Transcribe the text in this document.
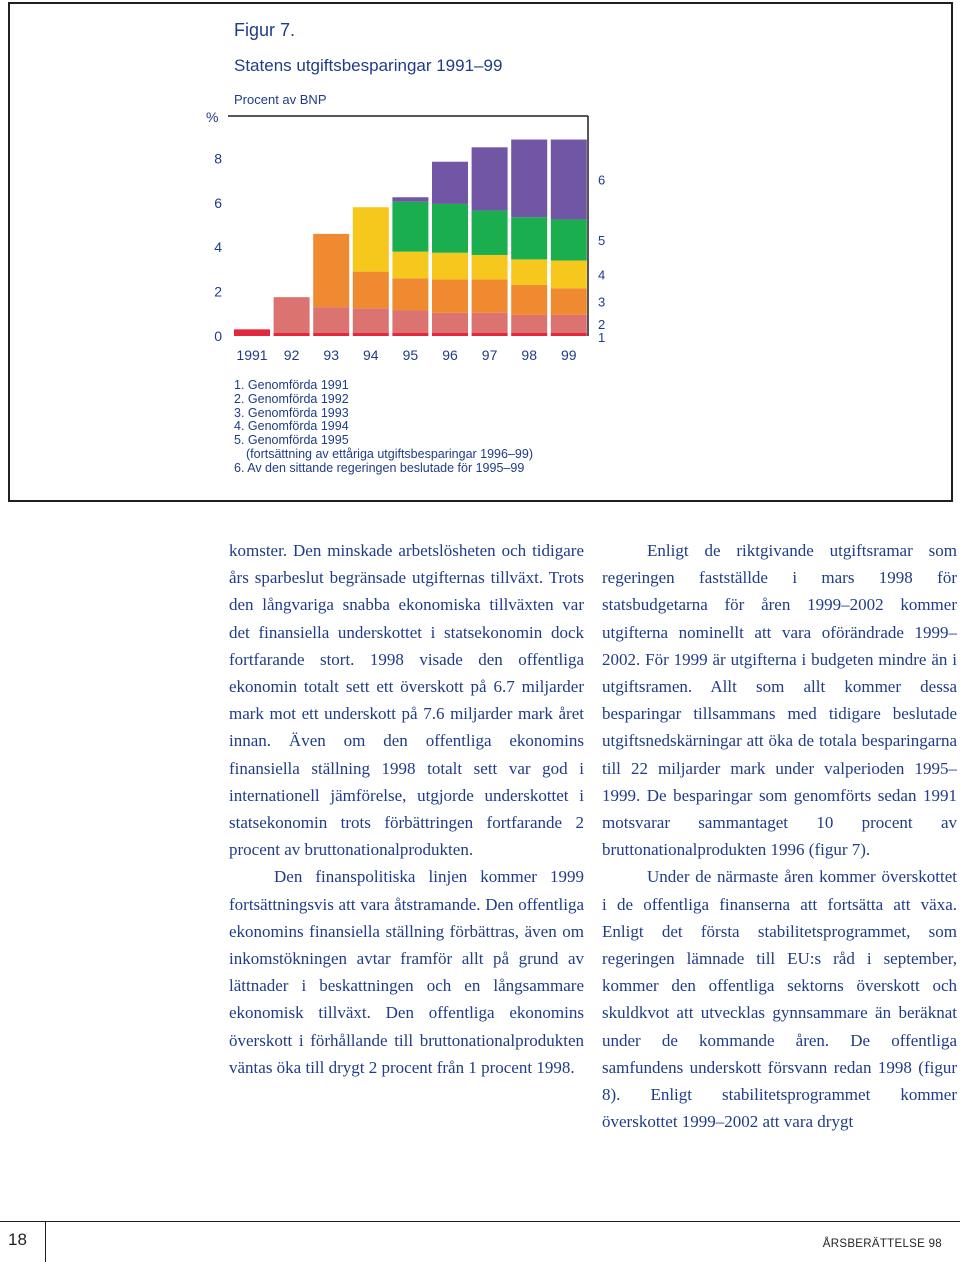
Figur 7.
Statens utgiftsbesparingar 1991–99
Procent av BNP
%
0
2
4
6
8
1991 92 93 94 95 96 97 98 99
1
2
3
4
5
6
1. Genomförda 1991
2. Genomförda 1992
3. Genomförda 1993
4. Genomförda 1994
5. Genomförda 1995
(fortsättning av ettåriga utgiftsbesparingar 1996–99)
6. Av den sittande regeringen beslutade för 1995–99

komster. Den minskade arbetslösheten och tidigare års sparbeslut begränsade utgifternas tillväxt. Trots den långvariga snabba ekonomiska tillväxten var det finansiella underskottet i statsekonomin dock fortfarande stort. 1998 visade den offentliga ekonomin totalt sett ett överskott på 6.7 miljarder mark mot ett underskott på 7.6 miljarder mark året innan. Även om den offentliga ekonomins finansiella ställning 1998 totalt sett var god i internationell jämförelse, utgjorde underskottet i statsekonomin trots förbättringen fortfarande 2 procent av bruttonationalprodukten.

Den finanspolitiska linjen kommer 1999 fortsättningsvis att vara åtstramande. Den offentliga ekonomins finansiella ställning förbättras, även om inkomstökningen avtar framför allt på grund av lättnader i beskattningen och en långsammare ekonomisk tillväxt. Den offentliga ekonomins överskott i förhållande till bruttonationalprodukten väntas öka till drygt 2 procent från 1 procent 1998.

Enligt de riktgivande utgiftsramar som regeringen fastställde i mars 1998 för statsbudgetarna för åren 1999–2002 kommer utgifterna nominellt att vara oförändrade 1999–2002. För 1999 är utgifterna i budgeten mindre än i utgiftsramen. Allt som allt kommer dessa besparingar tillsammans med tidigare beslutade utgiftsnedskärningar att öka de totala besparingarna till 22 miljarder mark under valperioden 1995–1999. De besparingar som genomförts sedan 1991 motsvarar sammantaget 10 procent av bruttonationalprodukten 1996 (figur 7).

Under de närmaste åren kommer överskottet i de offentliga finanserna att fortsätta att växa. Enligt det första stabilitetsprogrammet, som regeringen lämnade till EU:s råd i september, kommer den offentliga sektorns överskott och skuldkvot att utvecklas gynnsammare än beräknat under de kommande åren. De offentliga samfundens underskott försvann redan 1998 (figur 8). Enligt stabilitetsprogrammet kommer överskottet 1999–2002 att vara drygt

18	ÅRSBERÄTTELSE 98
